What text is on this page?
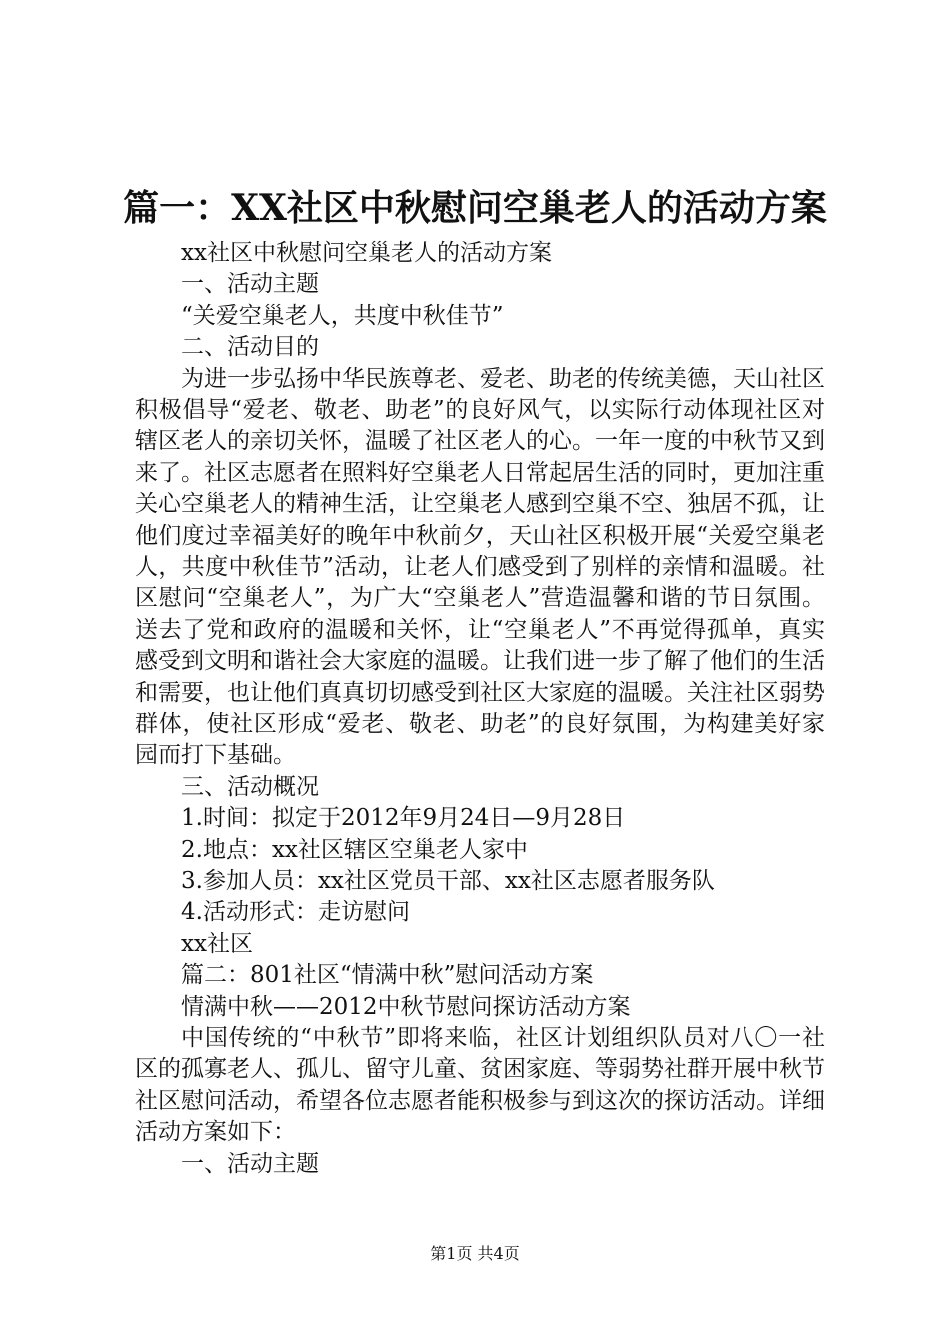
篇一：XX社区中秋慰问空巢老人的活动方案
xx社区中秋慰问空巢老人的活动方案
一、活动主题
“关爱空巢老人，共度中秋佳节”
二、活动目的

为进一步弘扬中华民族尊老、爱老、助老的传统美德，天山社区积极倡导“爱老、敬老、助老”的良好风气，以实际行动体现社区对辖区老人的亲切关怀，温暖了社区老人的心。一年一度的中秋节又到来了。社区志愿者在照料好空巢老人日常起居生活的同时，更加注重关心空巢老人的精神生活，让空巢老人感到空巢不空、独居不孤，让他们度过幸福美好的晚年中秋前夕，天山社区积极开展“关爱空巢老人，共度中秋佳节”活动，让老人们感受到了别样的亲情和温暖。社区慰问“空巢老人”，为广大“空巢老人”营造温馨和谐的节日氛围。送去了党和政府的温暖和关怀，让“空巢老人”不再觉得孤单，真实感受到文明和谐社会大家庭的温暖。让我们进一步了解了他们的生活和需要，也让他们真真切切感受到社区大家庭的温暖。关注社区弱势群体，使社区形成“爱老、敬老、助老”的良好氛围，为构建美好家园而打下基础。

三、活动概况
1.时间：拟定于2012年9月24日—9月28日
2.地点：xx社区辖区空巢老人家中
3.参加人员：xx社区党员干部、xx社区志愿者服务队
4.活动形式：走访慰问
xx社区
篇二：801社区“情满中秋”慰问活动方案
情满中秋——2012中秋节慰问探访活动方案

中国传统的“中秋节”即将来临，社区计划组织队员对八〇一社区的孤寡老人、孤儿、留守儿童、贫困家庭、等弱势社群开展中秋节社区慰问活动，希望各位志愿者能积极参与到这次的探访活动。详细活动方案如下：

一、活动主题
第1页 共4页
